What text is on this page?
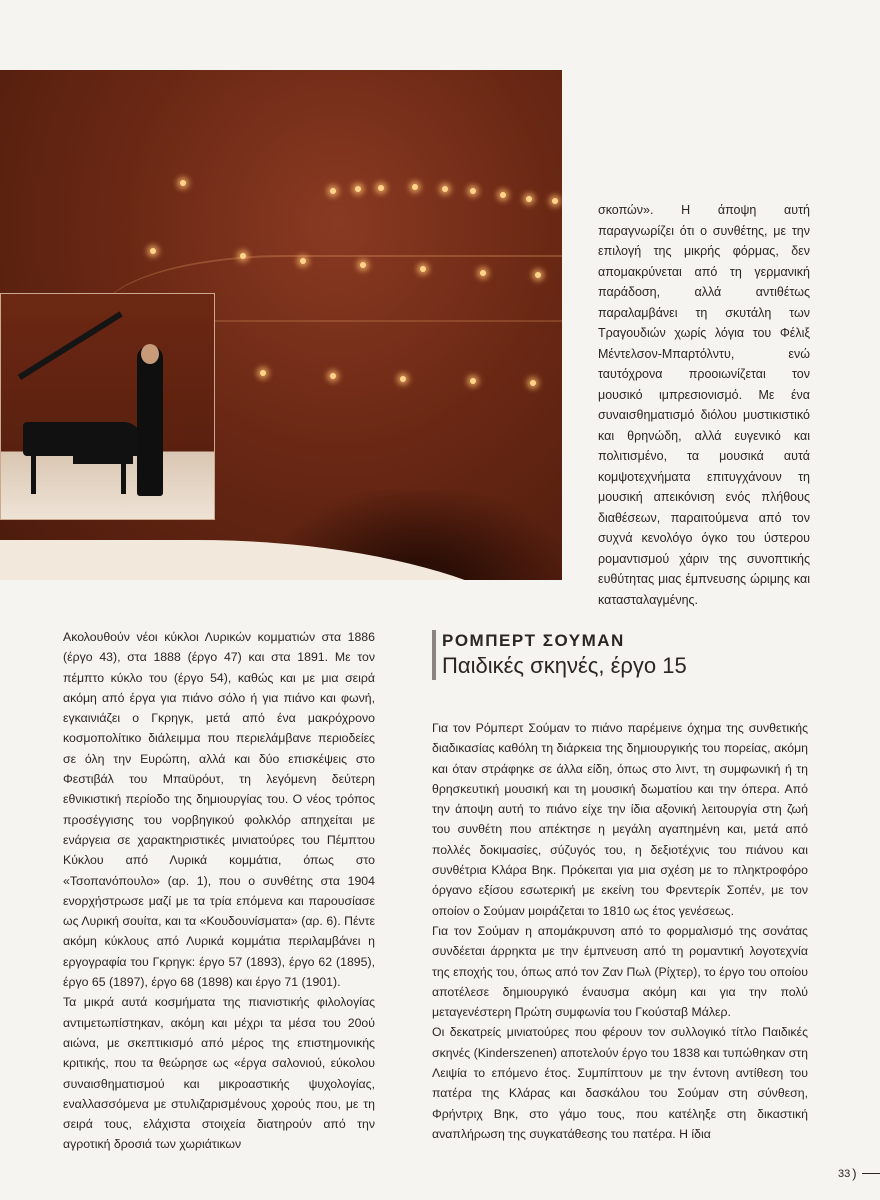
σκοπών». Η άποψη αυτή παραγνωρίζει ότι ο συνθέτης, με την επιλογή της μικρής φόρμας, δεν απομακρύνεται από τη γερμανική παράδοση, αλλά αντιθέτως παραλαμβάνει τη σκυτάλη των Τραγουδιών χωρίς λόγια του Φέλιξ Μέντελσον-Μπαρτόλντυ, ενώ ταυτόχρονα προοιωνίζεται τον μουσικό ιμπρεσιονισμό. Με ένα συναισθηματισμό διόλου μυστικιστικό και θρηνώδη, αλλά ευγενικό και πολιτισμένο, τα μουσικά αυτά κομψοτεχνήματα επιτυγχάνουν τη μουσική απεικόνιση ενός πλήθους διαθέσεων, παραιτούμενα από τον συχνά κενολόγο όγκο του ύστερου ρομαντισμού χάριν της συνοπτικής ευθύτητας μιας έμπνευσης ώριμης και κατασταλαγμένης.

Ακολουθούν νέοι κύκλοι Λυρικών κομματιών στα 1886 (έργο 43), στα 1888 (έργο 47) και στα 1891. Με τον πέμπτο κύκλο του (έργο 54), καθώς και με μια σειρά ακόμη από έργα για πιάνο σόλο ή για πιάνο και φωνή, εγκαινιάζει ο Γκρηγκ, μετά από ένα μακρόχρονο κοσμοπολίτικο διάλειμμα που περιελάμβανε περιοδείες σε όλη την Ευρώπη, αλλά και δύο επισκέψεις στο Φεστιβάλ του Μπαϋρόυτ, τη λεγόμενη δεύτερη εθνικιστική περίοδο της δημιουργίας του. Ο νέος τρόπος προσέγγισης του νορβηγικού φολκλόρ απηχείται με ενάργεια σε χαρακτηριστικές μινιατούρες του Πέμπτου Κύκλου από Λυρικά κομμάτια, όπως στο «Τσοπανόπουλο» (αρ. 1), που ο συνθέτης στα 1904 ενορχήστρωσε μαζί με τα τρία επόμενα και παρουσίασε ως Λυρική σουίτα, και τα «Κουδουνίσματα» (αρ. 6). Πέντε ακόμη κύκλους από Λυρικά κομμάτια περιλαμβάνει η εργογραφία του Γκρηγκ: έργο 57 (1893), έργο 62 (1895), έργο 65 (1897), έργο 68 (1898) και έργο 71 (1901).

Τα μικρά αυτά κοσμήματα της πιανιστικής φιλολογίας αντιμετωπίστηκαν, ακόμη και μέχρι τα μέσα του 20ού αιώνα, με σκεπτικισμό από μέρος της επιστημονικής κριτικής, που τα θεώρησε ως «έργα σαλονιού, εύκολου συναισθηματισμού και μικροαστικής ψυχολογίας, εναλλασσόμενα με στυλιζαρισμένους χορούς που, με τη σειρά τους, ελάχιστα στοιχεία διατηρούν από την αγροτική δροσιά των χωριάτικων

ΡΟΜΠΕΡΤ ΣΟΥΜΑΝ
Παιδικές σκηνές, έργο 15

Για τον Ρόμπερτ Σούμαν το πιάνο παρέμεινε όχημα της συνθετικής διαδικασίας καθόλη τη διάρκεια της δημιουργικής του πορείας, ακόμη και όταν στράφηκε σε άλλα είδη, όπως στο λιντ, τη συμφωνική ή τη θρησκευτική μουσική και τη μουσική δωματίου και την όπερα. Από την άποψη αυτή το πιάνο είχε την ίδια αξονική λειτουργία στη ζωή του συνθέτη που απέκτησε η μεγάλη αγαπημένη και, μετά από πολλές δοκιμασίες, σύζυγός του, η δεξιοτέχνις του πιάνου και συνθέτρια Κλάρα Βηκ. Πρόκειται για μια σχέση με το πληκτροφόρο όργανο εξίσου εσωτερική με εκείνη του Φρεντερίκ Σοπέν, με τον οποίον ο Σούμαν μοιράζεται το 1810 ως έτος γενέσεως.

Για τον Σούμαν η απομάκρυνση από το φορμαλισμό της σονάτας συνδέεται άρρηκτα με την έμπνευση από τη ρομαντική λογοτεχνία της εποχής του, όπως από τον Ζαν Πωλ (Ρίχτερ), το έργο του οποίου αποτέλεσε δημιουργικό έναυσμα ακόμη και για την πολύ μεταγενέστερη Πρώτη συμφωνία του Γκούσταβ Μάλερ.

Οι δεκατρείς μινιατούρες που φέρουν τον συλλογικό τίτλο Παιδικές σκηνές (Kinderszenen) αποτελούν έργο του 1838 και τυπώθηκαν στη Λειψία το επόμενο έτος. Συμπίπτουν με την έντονη αντίθεση του πατέρα της Κλάρας και δασκάλου του Σούμαν στη σύνθεση, Φρήντριχ Βηκ, στο γάμο τους, που κατέληξε στη δικαστική αναπλήρωση της συγκατάθεσης του πατέρα. Η ίδια

33 )
